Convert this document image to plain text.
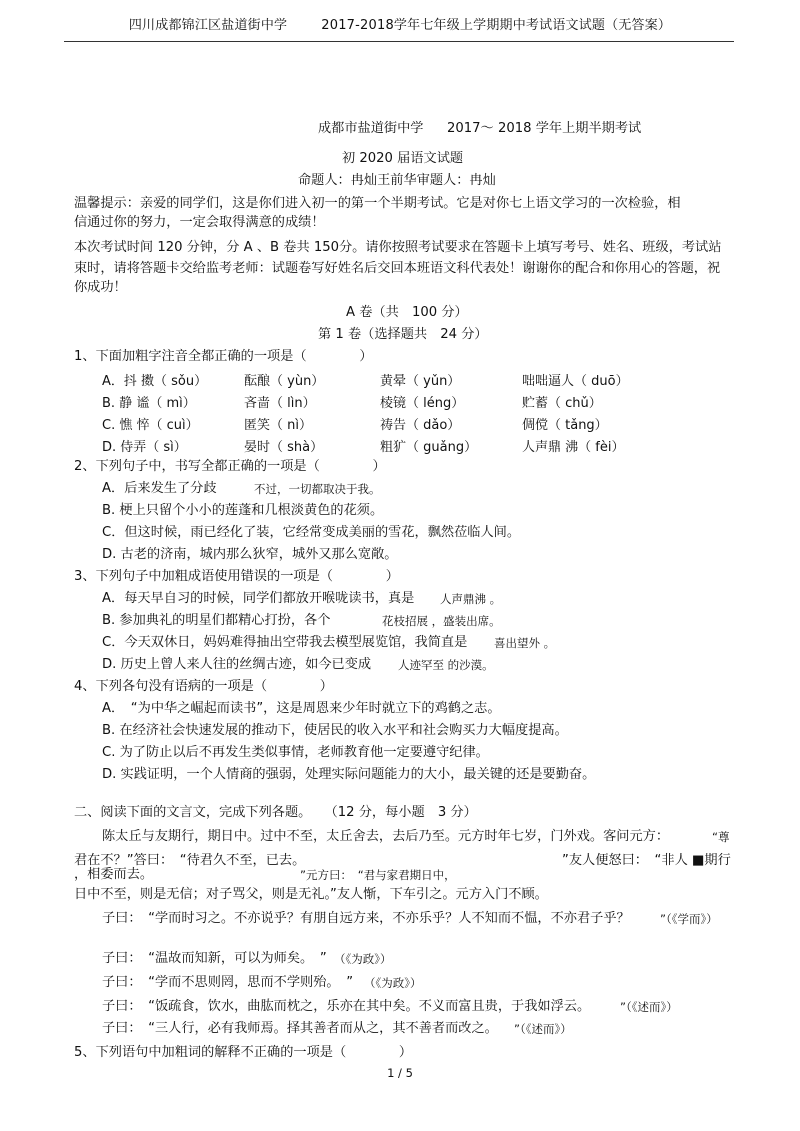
四川成都锦江区盐道街中学	2017-2018学年七年级上学期期中考试语文试题（无答案）
成都市盐道街中学 2017～ 2018 学年上期半期考试
初 2020 届语文试题
命题人：冉灿王前华审题人：冉灿
温馨提示：亲爱的同学们，这是你们进入初一的第一个半期考试。它是对你七上语文学习的一次检验，相
信通过你的努力，一定会取得满意的成绩！
本次考试时间 120 分钟，分 A 、B 卷共 150分。请你按照考试要求在答题卡上填写考号、姓名、班级，考试站
束时，请将答题卡交给监考老师：试题卷写好姓名后交回本班语文科代表处！谢谢你的配合和你用心的答题，祝
你成功！
A 卷（共　100 分）
第 1 卷（选择题共　24 分）
1、下面加粗字注音全都正确的一项是（　　　　）
A．抖 擞（ sǒu）	酝酿（ yùn）	黄晕（ yǔn）	咄咄逼人（ duō）
B. 静 谧（ mì）	吝啬（ lìn）	棱镜（ léng）	贮蓄（ chǔ）
C. 憔 悴（ cuì）	匿笑（ nì）	祷告（ dǎo）	倜傥（ tǎng）
D. 侍弄（ sì）	晏时（ shà）	粗犷（ guǎng）	人声鼎 沸（ fèi）
2、下列句子中，书写全都正确的一项是（　　　　）
A．后来发生了分歧	不过，一切都取决于我。
B. 梗上只留个小小的莲蓬和几根淡黄色的花须。
C．但这时候，雨已经化了装，它经常变成美丽的雪花，飘然莅临人间。
D. 古老的济南，城内那么狄窄，城外又那么宽敞。
3、下列句子中加粗成语使用错误的一项是（　　　　）
A．每天早自习的时候，同学们都放开喉咙读书，真是 人声鼎沸 。
B. 参加典礼的明星们都精心打扮，各个	花枝招展 ，盛装出席。
C．今天双休日，妈妈难得抽出空带我去模型展览馆，我简直是 喜出望外 。
D. 历史上曾人来人往的丝绸古迹，如今已变成 人迹罕至 的沙漠。
4、下列各句没有语病的一项是（　　　　）
A．　“为中华之崛起而读书”，这是周恩来少年时就立下的鸡鹤之志。
B. 在经济社会快速发展的推动下，使居民的收入水平和社会购买力大幅度提高。
C. 为了防止以后不再发生类似事情，老师教育他一定要遵守纪律。
D. 实践证明，一个人情商的强弱，处理实际问题能力的大小，最关键的还是要勤奋。
二、阅读下面的文言文，完成下列各题。　　（12 分，每小题　3 分）
陈太丘与友期行，期日中。过中不至，太丘舍去，去后乃至。元方时年七岁，门外戏。客问元方：	“尊
君在不？”答曰：　“待君久不至，已去。	”友人便怒曰：　“非人 ■期行
，相委而去。	”元方曰：　“君与家君期日中，
日中不至，则是无信；对子骂父，则是无礼。
”友人惭，下车引之。元方入门不顾。
子曰：　“学而时习之。不亦说乎？有朋自远方来，不亦乐乎？人不知而不愠，不亦君子乎？	”（《学而》）
子曰：　“温故而知新，可以为师矣。　” （《为政》）
子曰：　“学而不思则罔，思而不学则殆。　” （《为政》）
子曰：　“饭疏食，饮水，曲肱而枕之，乐亦在其中矣。不义而富且贵，于我如浮云。	”（《述而》）
子曰：　“三人行，必有我师焉。择其善者而从之，其不善者而改之。 ”（《述而》）
5、下列语句中加粗词的解释不正确的一项是（　　　　）
1 / 5
